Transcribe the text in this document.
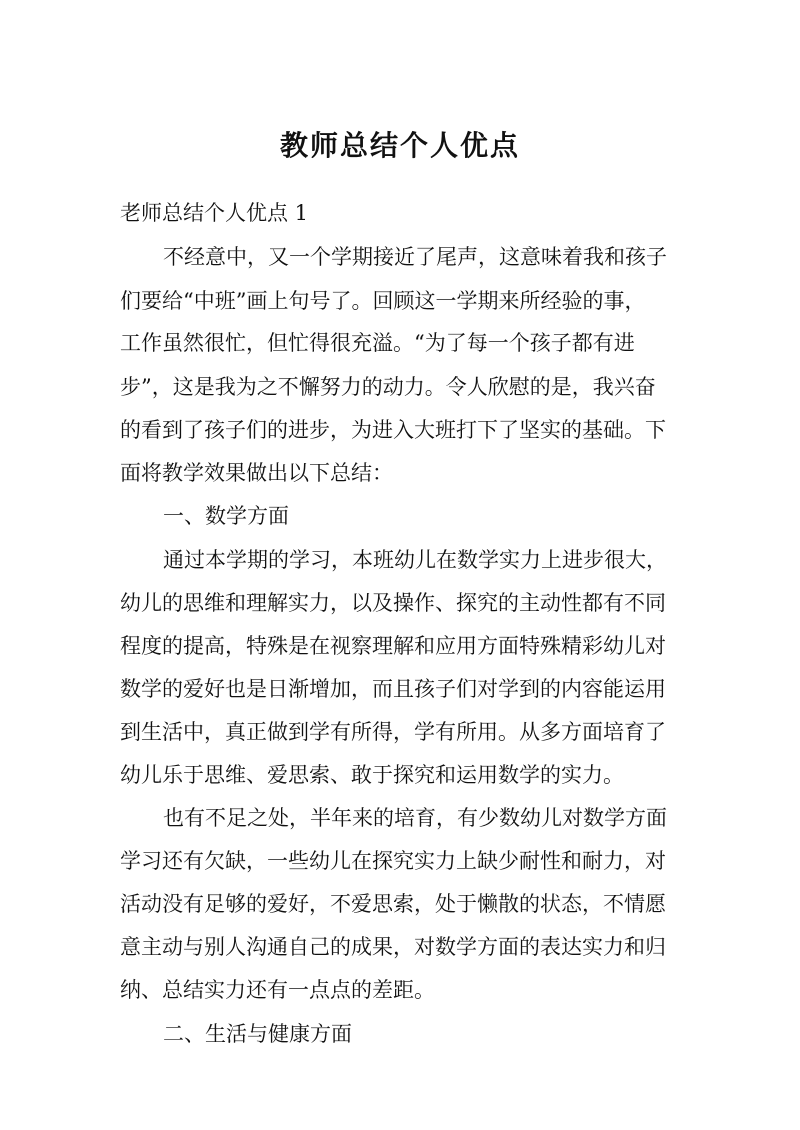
教师总结个人优点
老师总结个人优点 1
不经意中，又一个学期接近了尾声，这意味着我和孩子
们要给“中班”画上句号了。回顾这一学期来所经验的事，
工作虽然很忙，但忙得很充溢。“为了每一个孩子都有进
步”，这是我为之不懈努力的动力。令人欣慰的是，我兴奋
的看到了孩子们的进步，为进入大班打下了坚实的基础。下
面将教学效果做出以下总结：
一、数学方面
通过本学期的学习，本班幼儿在数学实力上进步很大，
幼儿的思维和理解实力，以及操作、探究的主动性都有不同
程度的提高，特殊是在视察理解和应用方面特殊精彩幼儿对
数学的爱好也是日渐增加，而且孩子们对学到的内容能运用
到生活中，真正做到学有所得，学有所用。从多方面培育了
幼儿乐于思维、爱思索、敢于探究和运用数学的实力。
也有不足之处，半年来的培育，有少数幼儿对数学方面
学习还有欠缺，一些幼儿在探究实力上缺少耐性和耐力，对
活动没有足够的爱好，不爱思索，处于懒散的状态，不情愿
意主动与别人沟通自己的成果，对数学方面的表达实力和归
纳、总结实力还有一点点的差距。
二、生活与健康方面
